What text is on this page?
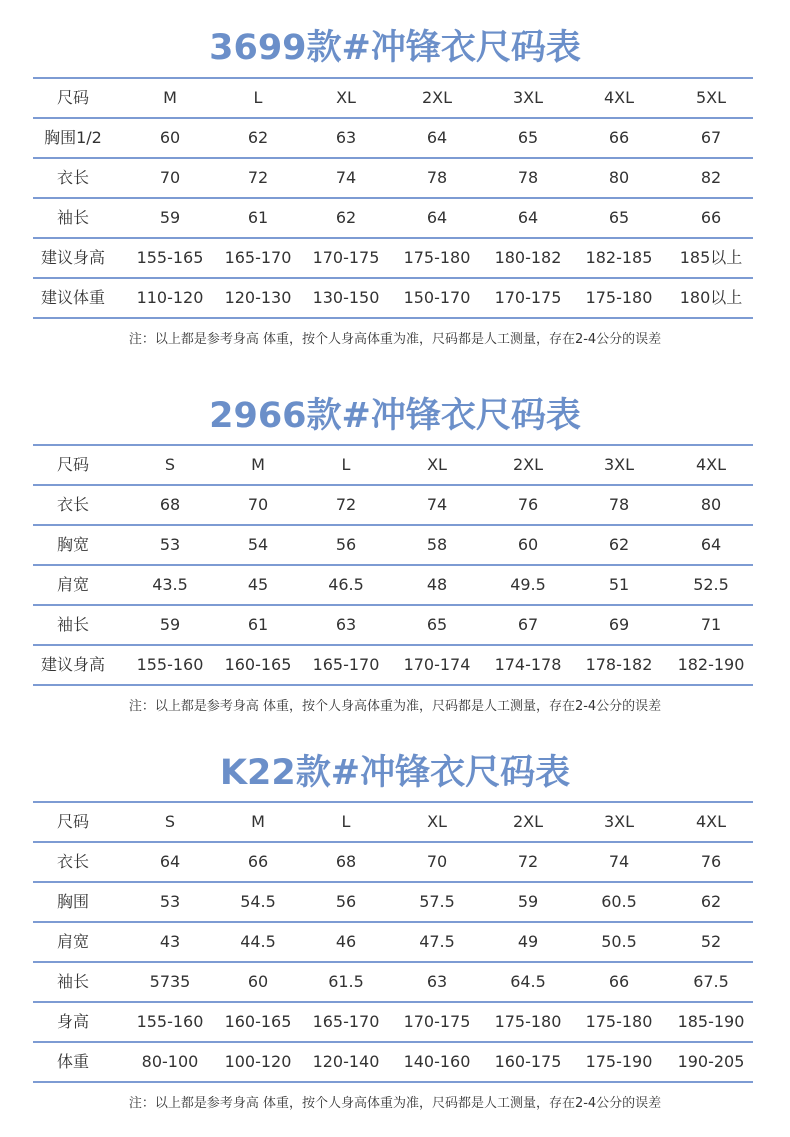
3699款#冲锋衣尺码表
尺码	M	L	XL	2XL	3XL	4XL	5XL
胸围1/2	60	62	63	64	65	66	67
衣长	70	72	74	78	78	80	82
袖长	59	61	62	64	64	65	66
建议身高	155-165	165-170	170-175	175-180	180-182	182-185	185以上
建议体重	110-120	120-130	130-150	150-170	170-175	175-180	180以上
注：以上都是参考身高 体重，按个人身高体重为准，尺码都是人工测量，存在2-4公分的误差
2966款#冲锋衣尺码表
尺码	S	M	L	XL	2XL	3XL	4XL
衣长	68	70	72	74	76	78	80
胸宽	53	54	56	58	60	62	64
肩宽	43.5	45	46.5	48	49.5	51	52.5
袖长	59	61	63	65	67	69	71
建议身高	155-160	160-165	165-170	170-174	174-178	178-182	182-190
注：以上都是参考身高 体重，按个人身高体重为准，尺码都是人工测量，存在2-4公分的误差
K22款#冲锋衣尺码表
尺码	S	M	L	XL	2XL	3XL	4XL
衣长	64	66	68	70	72	74	76
胸围	53	54.5	56	57.5	59	60.5	62
肩宽	43	44.5	46	47.5	49	50.5	52
袖长	5735	60	61.5	63	64.5	66	67.5
身高	155-160	160-165	165-170	170-175	175-180	175-180	185-190
体重	80-100	100-120	120-140	140-160	160-175	175-190	190-205
注：以上都是参考身高 体重，按个人身高体重为准，尺码都是人工测量，存在2-4公分的误差
